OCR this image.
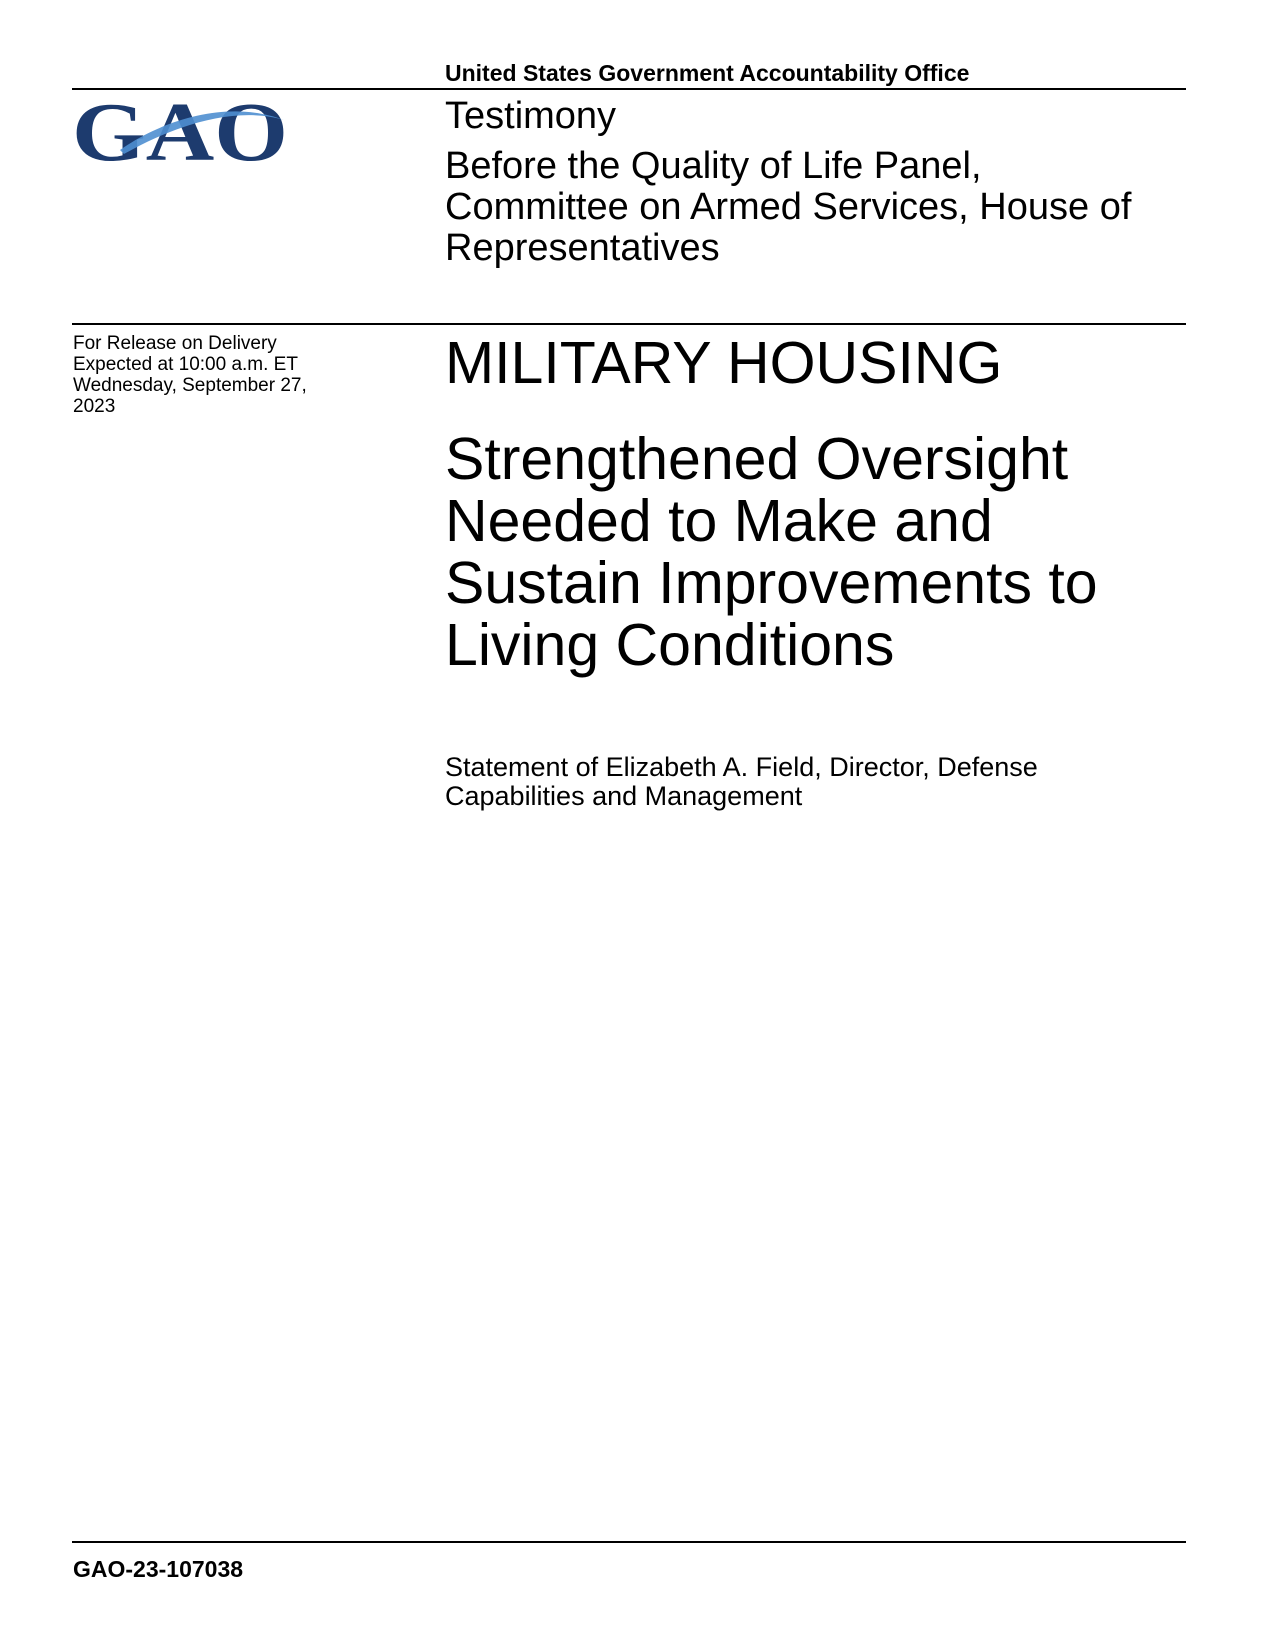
United States Government Accountability Office
GAO	Testimony
Before the Quality of Life Panel, Committee on Armed Services, House of Representatives
For Release on Delivery
Expected at 10:00 a.m. ET
Wednesday, September 27,
2023
MILITARY HOUSING
Strengthened Oversight Needed to Make and Sustain Improvements to Living Conditions
Statement of Elizabeth A. Field, Director, Defense Capabilities and Management
GAO-23-107038
